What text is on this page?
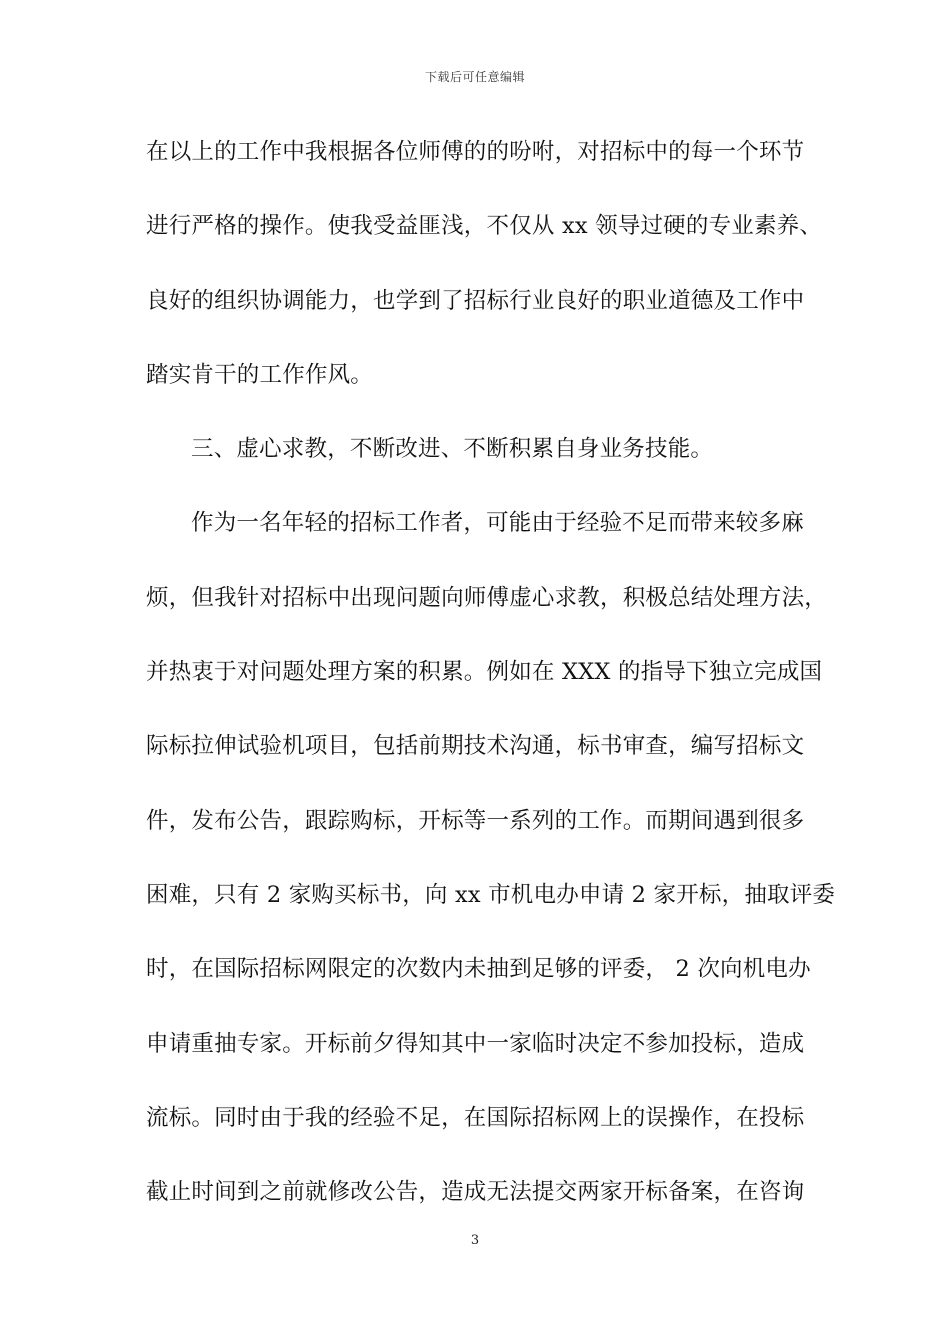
下载后可任意编辑
在以上的工作中我根据各位师傅的的吩咐，对招标中的每一个环节
进行严格的操作。使我受益匪浅，不仅从 xx 领导过硬的专业素养、
良好的组织协调能力，也学到了招标行业良好的职业道德及工作中
踏实肯干的工作作风。
三、虚心求教，不断改进、不断积累自身业务技能。
作为一名年轻的招标工作者，可能由于经验不足而带来较多麻
烦，但我针对招标中出现问题向师傅虚心求教，积极总结处理方法，
并热衷于对问题处理方案的积累。例如在 XXX 的指导下独立完成国
际标拉伸试验机项目，包括前期技术沟通，标书审查，编写招标文
件，发布公告，跟踪购标，开标等一系列的工作。而期间遇到很多
困难，只有 2 家购买标书，向 xx 市机电办申请 2 家开标，抽取评委
时，在国际招标网限定的次数内未抽到足够的评委， 2 次向机电办
申请重抽专家。开标前夕得知其中一家临时决定不参加投标，造成
流标。同时由于我的经验不足，在国际招标网上的误操作，在投标
截止时间到之前就修改公告，造成无法提交两家开标备案，在咨询
3
